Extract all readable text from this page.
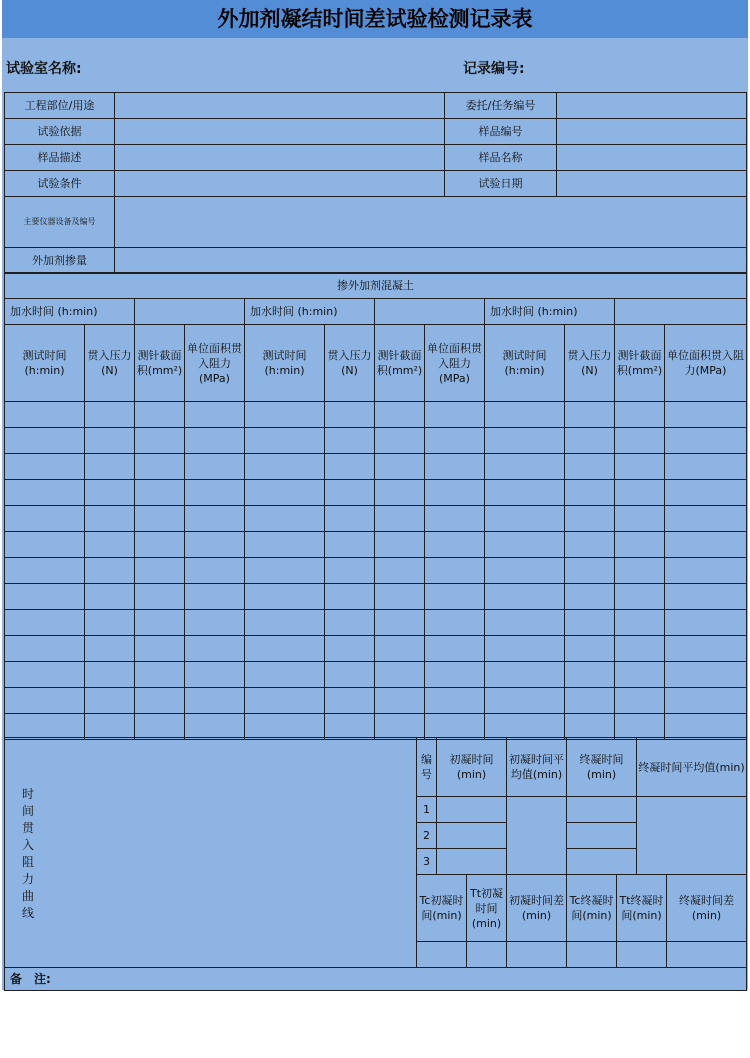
外加剂凝结时间差试验检测记录表
试验室名称:	记录编号:
工程部位/用途		委托/任务编号	
试验依据		样品编号	
样品描述		样品名称	
试验条件		试验日期	
主要仪器设备及编号			
外加剂掺量			
掺外加剂混凝土											
加水时间 (h:min)				加水时间 (h:min)				加水时间 (h:min)			
测试时间(h:min)	贯入压力(N)	测针截面积(mm²)	单位面积贯入阻力(MPa)	测试时间(h:min)	贯入压力(N)	测针截面积(mm²)	单位面积贯入阻力(MPa)	测试时间(h:min)	贯入压力(N)	测针截面积(mm²)	单位面积贯入阻力(MPa)

时间贯入阻力曲线	编号	初凝时间(min)		初凝时间平均值(min)	终凝时间(min)		终凝时间平均值(min)	
	1							
	2							
	3							
	Tc初凝时间(min)		Tt初凝时间(min)	初凝时间差(min)	Tc终凝时间(min)	Tt终凝时间(min)		终凝时间差(min)

备　注:								
